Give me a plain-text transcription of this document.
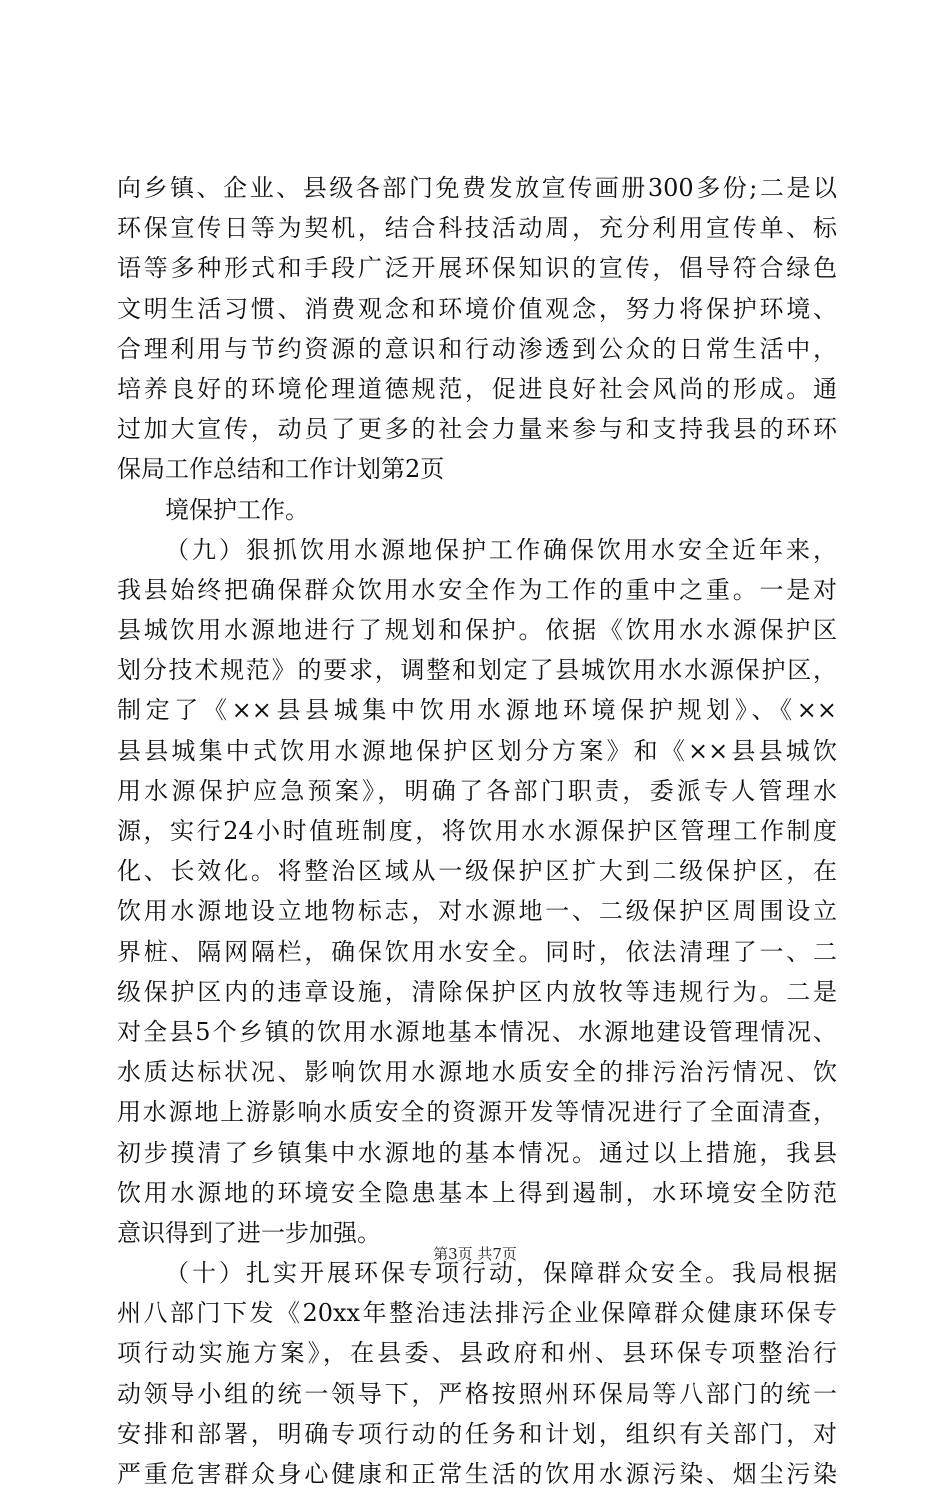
向乡镇、企业、县级各部门免费发放宣传画册300多份;二是以
环保宣传日等为契机，结合科技活动周，充分利用宣传单、标
语等多种形式和手段广泛开展环保知识的宣传，倡导符合绿色
文明生活习惯、消费观念和环境价值观念，努力将保护环境、
合理利用与节约资源的意识和行动渗透到公众的日常生活中，
培养良好的环境伦理道德规范，促进良好社会风尚的形成。通
过加大宣传，动员了更多的社会力量来参与和支持我县的环环
保局工作总结和工作计划第2页
境保护工作。
（九）狠抓饮用水源地保护工作确保饮用水安全近年来，
我县始终把确保群众饮用水安全作为工作的重中之重。一是对
县城饮用水源地进行了规划和保护。依据《饮用水水源保护区
划分技术规范》的要求，调整和划定了县城饮用水水源保护区，
制定了《××县县城集中饮用水源地环境保护规划》、《××
县县城集中式饮用水源地保护区划分方案》和《××县县城饮
用水源保护应急预案》，明确了各部门职责，委派专人管理水
源，实行24小时值班制度，将饮用水水源保护区管理工作制度
化、长效化。将整治区域从一级保护区扩大到二级保护区，在
饮用水源地设立地物标志，对水源地一、二级保护区周围设立
界桩、隔网隔栏，确保饮用水安全。同时，依法清理了一、二
级保护区内的违章设施，清除保护区内放牧等违规行为。二是
对全县5个乡镇的饮用水源地基本情况、水源地建设管理情况、
水质达标状况、影响饮用水源地水质安全的排污治污情况、饮
用水源地上游影响水质安全的资源开发等情况进行了全面清查，
初步摸清了乡镇集中水源地的基本情况。通过以上措施，我县
饮用水源地的环境安全隐患基本上得到遏制，水环境安全防范
意识得到了进一步加强。
（十）扎实开展环保专项行动，保障群众安全。我局根据
州八部门下发《20xx年整治违法排污企业保障群众健康环保专
项行动实施方案》，在县委、县政府和州、县环保专项整治行
动领导小组的统一领导下，严格按照州环保局等八部门的统一
安排和部署，明确专项行动的任务和计划，组织有关部门，对
严重危害群众身心健康和正常生活的饮用水源污染、烟尘污染
第3页 共7页
